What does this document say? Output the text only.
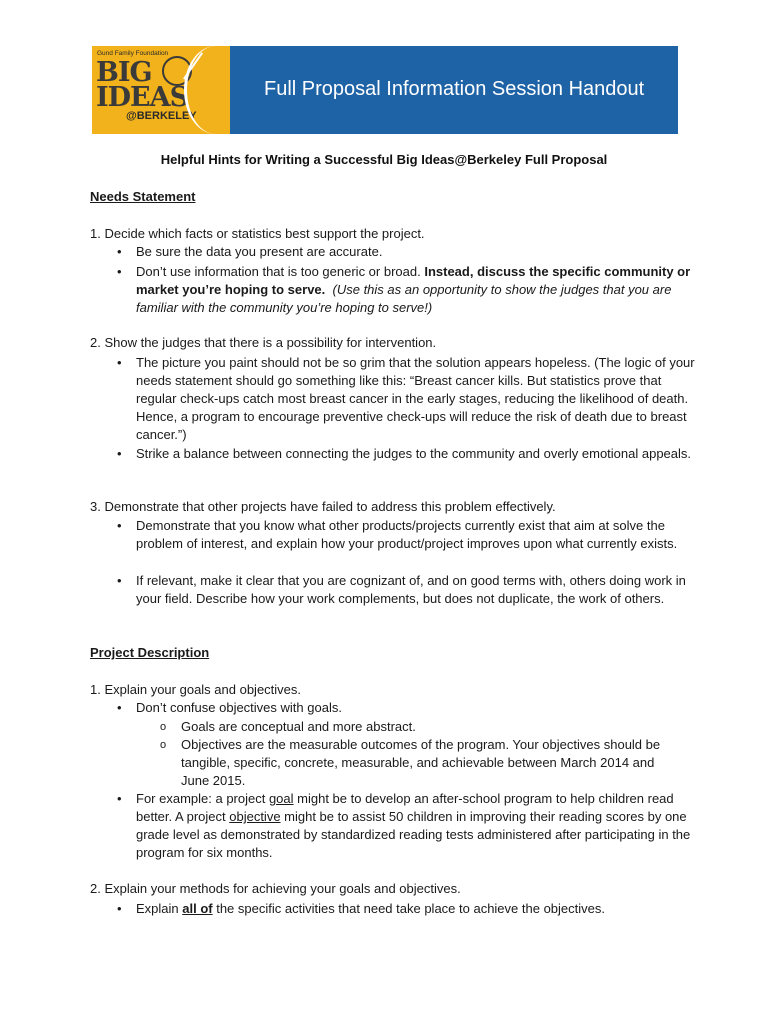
Gund Family Foundation
BIG
IDEAS
@BERKELEY
Full Proposal Information Session Handout
Helpful Hints for Writing a Successful Big Ideas@Berkeley Full Proposal
Needs Statement
1. Decide which facts or statistics best support the project.
•	Be sure the data you present are accurate.
•	Don’t use information that is too generic or broad. Instead, discuss the specific community or market you’re hoping to serve. (Use this as an opportunity to show the judges that you are familiar with the community you’re hoping to serve!)
2. Show the judges that there is a possibility for intervention.
•	The picture you paint should not be so grim that the solution appears hopeless. (The logic of your needs statement should go something like this: “Breast cancer kills. But statistics prove that regular check-ups catch most breast cancer in the early stages, reducing the likelihood of death. Hence, a program to encourage preventive check-ups will reduce the risk of death due to breast cancer.”)
•	Strike a balance between connecting the judges to the community and overly emotional appeals.
3. Demonstrate that other projects have failed to address this problem effectively.
•	Demonstrate that you know what other products/projects currently exist that aim at solve the problem of interest, and explain how your product/project improves upon what currently exists.
•	If relevant, make it clear that you are cognizant of, and on good terms with, others doing work in your field. Describe how your work complements, but does not duplicate, the work of others.
Project Description
1. Explain your goals and objectives.
•	Don’t confuse objectives with goals.
o Goals are conceptual and more abstract.
o Objectives are the measurable outcomes of the program. Your objectives should be tangible, specific, concrete, measurable, and achievable between March 2014 and June 2015.
•	For example: a project goal might be to develop an after-school program to help children read better. A project objective might be to assist 50 children in improving their reading scores by one grade level as demonstrated by standardized reading tests administered after participating in the program for six months.
2. Explain your methods for achieving your goals and objectives.
•	Explain all of the specific activities that need take place to achieve the objectives.
